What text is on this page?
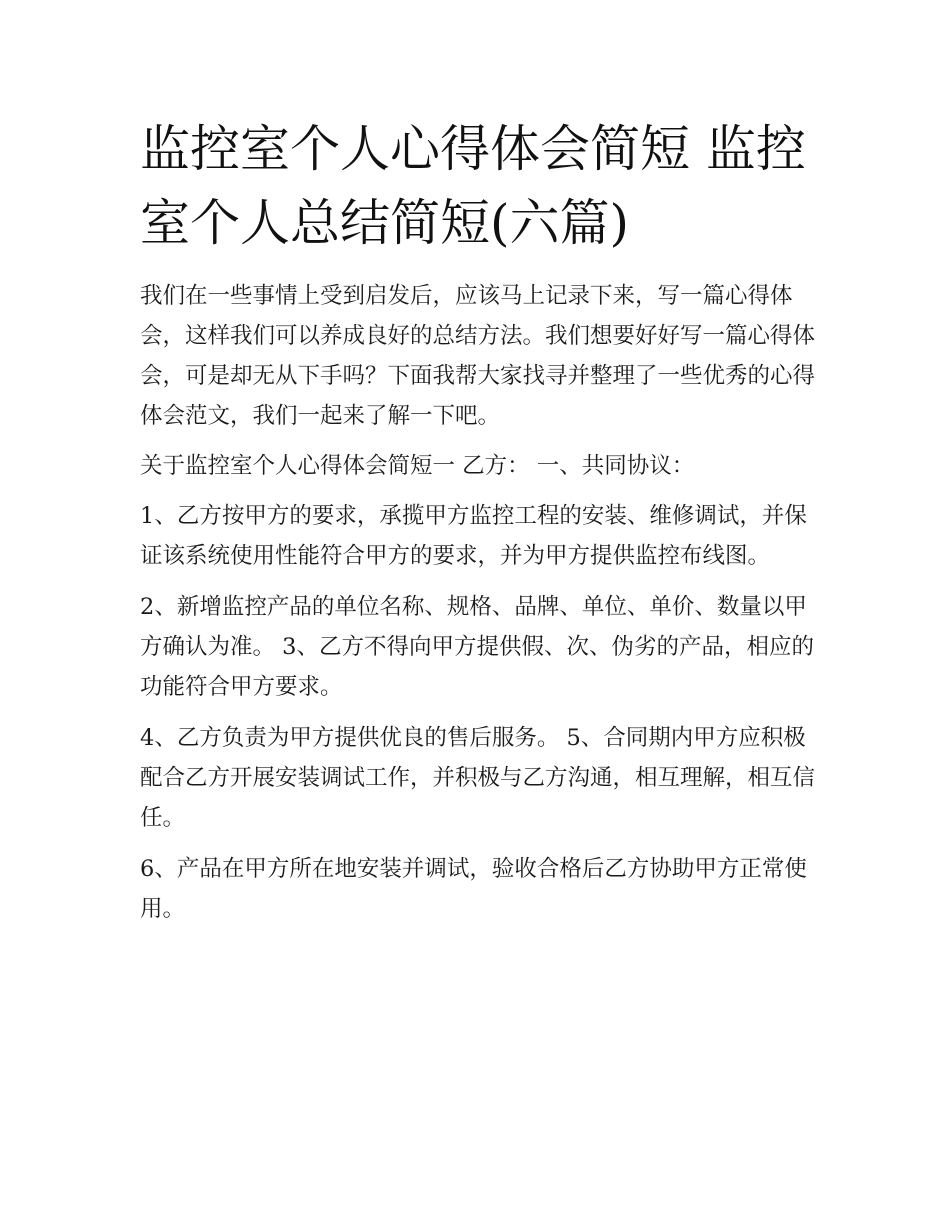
监控室个人心得体会简短 监控室个人总结简短(六篇)

我们在一些事情上受到启发后，应该马上记录下来，写一篇心得体会，这样我们可以养成良好的总结方法。我们想要好好写一篇心得体会，可是却无从下手吗？下面我帮大家找寻并整理了一些优秀的心得体会范文，我们一起来了解一下吧。

关于监控室个人心得体会简短一 乙方： 一、共同协议：

1、乙方按甲方的要求，承揽甲方监控工程的安装、维修调试，并保证该系统使用性能符合甲方的要求，并为甲方提供监控布线图。

2、新增监控产品的单位名称、规格、品牌、单位、单价、数量以甲方确认为准。 3、乙方不得向甲方提供假、次、伪劣的产品，相应的功能符合甲方要求。

4、乙方负责为甲方提供优良的售后服务。 5、合同期内甲方应积极配合乙方开展安装调试工作，并积极与乙方沟通，相互理解，相互信任。

6、产品在甲方所在地安装并调试，验收合格后乙方协助甲方正常使用。
